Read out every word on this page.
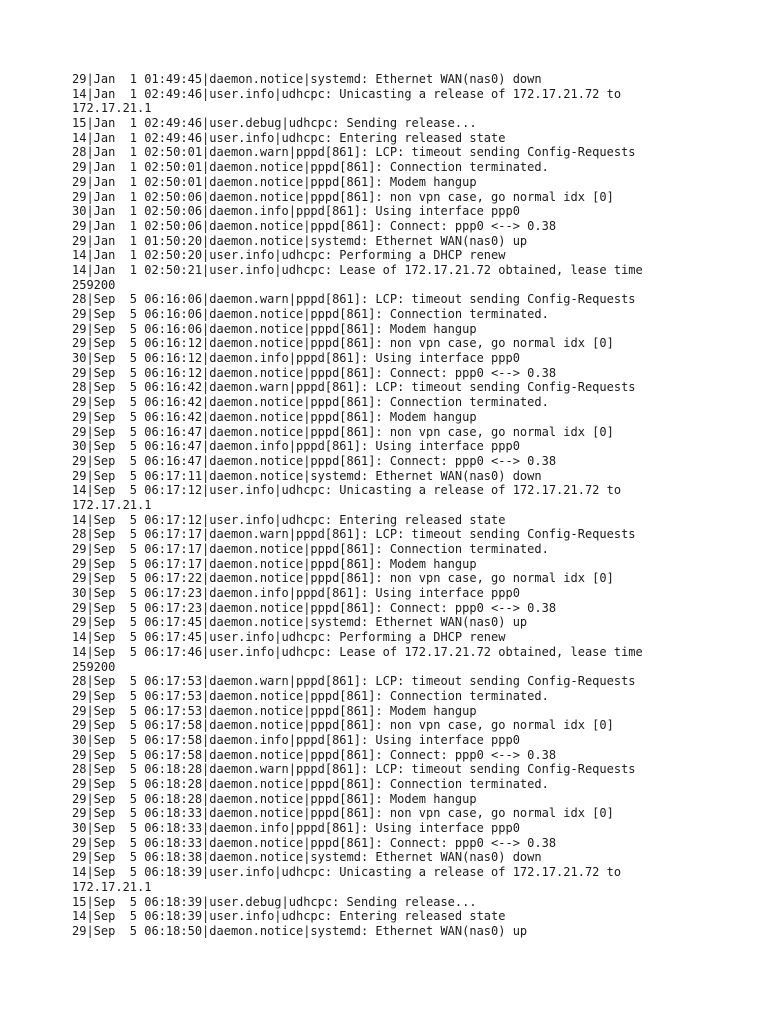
29|Jan  1 01:49:45|daemon.notice|systemd: Ethernet WAN(nas0) down
14|Jan  1 02:49:46|user.info|udhcpc: Unicasting a release of 172.17.21.72 to
172.17.21.1
15|Jan  1 02:49:46|user.debug|udhcpc: Sending release...
14|Jan  1 02:49:46|user.info|udhcpc: Entering released state
28|Jan  1 02:50:01|daemon.warn|pppd[861]: LCP: timeout sending Config-Requests
29|Jan  1 02:50:01|daemon.notice|pppd[861]: Connection terminated.
29|Jan  1 02:50:01|daemon.notice|pppd[861]: Modem hangup
29|Jan  1 02:50:06|daemon.notice|pppd[861]: non vpn case, go normal idx [0]
30|Jan  1 02:50:06|daemon.info|pppd[861]: Using interface ppp0
29|Jan  1 02:50:06|daemon.notice|pppd[861]: Connect: ppp0 <--> 0.38
29|Jan  1 01:50:20|daemon.notice|systemd: Ethernet WAN(nas0) up
14|Jan  1 02:50:20|user.info|udhcpc: Performing a DHCP renew
14|Jan  1 02:50:21|user.info|udhcpc: Lease of 172.17.21.72 obtained, lease time
259200
28|Sep  5 06:16:06|daemon.warn|pppd[861]: LCP: timeout sending Config-Requests
29|Sep  5 06:16:06|daemon.notice|pppd[861]: Connection terminated.
29|Sep  5 06:16:06|daemon.notice|pppd[861]: Modem hangup
29|Sep  5 06:16:12|daemon.notice|pppd[861]: non vpn case, go normal idx [0]
30|Sep  5 06:16:12|daemon.info|pppd[861]: Using interface ppp0
29|Sep  5 06:16:12|daemon.notice|pppd[861]: Connect: ppp0 <--> 0.38
28|Sep  5 06:16:42|daemon.warn|pppd[861]: LCP: timeout sending Config-Requests
29|Sep  5 06:16:42|daemon.notice|pppd[861]: Connection terminated.
29|Sep  5 06:16:42|daemon.notice|pppd[861]: Modem hangup
29|Sep  5 06:16:47|daemon.notice|pppd[861]: non vpn case, go normal idx [0]
30|Sep  5 06:16:47|daemon.info|pppd[861]: Using interface ppp0
29|Sep  5 06:16:47|daemon.notice|pppd[861]: Connect: ppp0 <--> 0.38
29|Sep  5 06:17:11|daemon.notice|systemd: Ethernet WAN(nas0) down
14|Sep  5 06:17:12|user.info|udhcpc: Unicasting a release of 172.17.21.72 to
172.17.21.1
14|Sep  5 06:17:12|user.info|udhcpc: Entering released state
28|Sep  5 06:17:17|daemon.warn|pppd[861]: LCP: timeout sending Config-Requests
29|Sep  5 06:17:17|daemon.notice|pppd[861]: Connection terminated.
29|Sep  5 06:17:17|daemon.notice|pppd[861]: Modem hangup
29|Sep  5 06:17:22|daemon.notice|pppd[861]: non vpn case, go normal idx [0]
30|Sep  5 06:17:23|daemon.info|pppd[861]: Using interface ppp0
29|Sep  5 06:17:23|daemon.notice|pppd[861]: Connect: ppp0 <--> 0.38
29|Sep  5 06:17:45|daemon.notice|systemd: Ethernet WAN(nas0) up
14|Sep  5 06:17:45|user.info|udhcpc: Performing a DHCP renew
14|Sep  5 06:17:46|user.info|udhcpc: Lease of 172.17.21.72 obtained, lease time
259200
28|Sep  5 06:17:53|daemon.warn|pppd[861]: LCP: timeout sending Config-Requests
29|Sep  5 06:17:53|daemon.notice|pppd[861]: Connection terminated.
29|Sep  5 06:17:53|daemon.notice|pppd[861]: Modem hangup
29|Sep  5 06:17:58|daemon.notice|pppd[861]: non vpn case, go normal idx [0]
30|Sep  5 06:17:58|daemon.info|pppd[861]: Using interface ppp0
29|Sep  5 06:17:58|daemon.notice|pppd[861]: Connect: ppp0 <--> 0.38
28|Sep  5 06:18:28|daemon.warn|pppd[861]: LCP: timeout sending Config-Requests
29|Sep  5 06:18:28|daemon.notice|pppd[861]: Connection terminated.
29|Sep  5 06:18:28|daemon.notice|pppd[861]: Modem hangup
29|Sep  5 06:18:33|daemon.notice|pppd[861]: non vpn case, go normal idx [0]
30|Sep  5 06:18:33|daemon.info|pppd[861]: Using interface ppp0
29|Sep  5 06:18:33|daemon.notice|pppd[861]: Connect: ppp0 <--> 0.38
29|Sep  5 06:18:38|daemon.notice|systemd: Ethernet WAN(nas0) down
14|Sep  5 06:18:39|user.info|udhcpc: Unicasting a release of 172.17.21.72 to
172.17.21.1
15|Sep  5 06:18:39|user.debug|udhcpc: Sending release...
14|Sep  5 06:18:39|user.info|udhcpc: Entering released state
29|Sep  5 06:18:50|daemon.notice|systemd: Ethernet WAN(nas0) up
